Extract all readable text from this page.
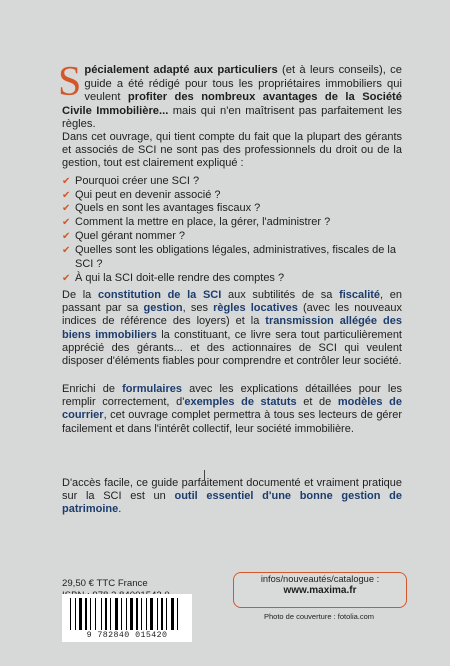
Spécialement adapté aux particuliers (et à leurs conseils), ce guide a été rédigé pour tous les propriétaires immobiliers qui veulent profiter des nombreux avantages de la Société Civile Immobilière... mais qui n'en maîtrisent pas parfaitement les règles.

Dans cet ouvrage, qui tient compte du fait que la plupart des gérants et associés de SCI ne sont pas des professionnels du droit ou de la gestion, tout est clairement expliqué :

✔ Pourquoi créer une SCI ?
✔ Qui peut en devenir associé ?
✔ Quels en sont les avantages fiscaux ?
✔ Comment la mettre en place, la gérer, l'administrer ?
✔ Quel gérant nommer ?
✔ Quelles sont les obligations légales, administratives, fiscales de la SCI ?
✔ À qui la SCI doit-elle rendre des comptes ?

De la constitution de la SCI aux subtilités de sa fiscalité, en passant par sa gestion, ses règles locatives (avec les nouveaux indices de référence des loyers) et la transmission allégée des biens immobiliers la constituant, ce livre sera tout particulièrement apprécié des gérants... et des actionnaires de SCI qui veulent disposer d'éléments fiables pour comprendre et contrôler leur société.

Enrichi de formulaires avec les explications détaillées pour les remplir correctement, d'exemples de statuts et de modèles de courrier, cet ouvrage complet permettra à tous ses lecteurs de gérer facilement et dans l'intérêt collectif, leur société immobilière.

D'accès facile, ce guide parfaitement documenté et vraiment pratique sur la SCI est un outil essentiel d'une bonne gestion de patrimoine.

29,50 € TTC France
9 782840 015420
infos/nouveautés/catalogue :
www.maxima.fr
Photo de couverture : fotolia.com
